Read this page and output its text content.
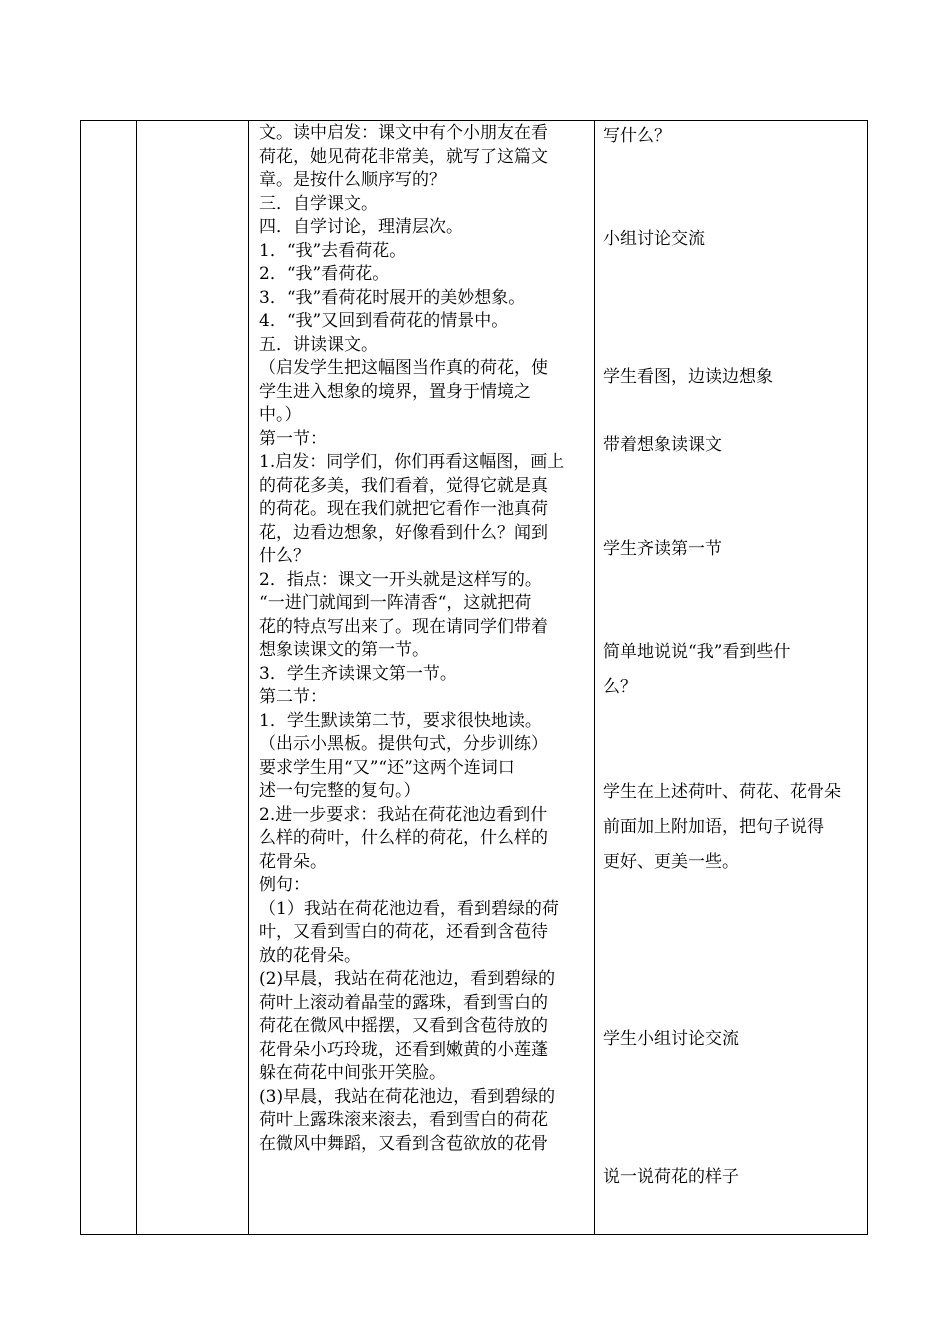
文。读中启发：课文中有个小朋友在看
荷花，她见荷花非常美，就写了这篇文
章。是按什么顺序写的？
三．自学课文。
四．自学讨论，理清层次。
1．“我”去看荷花。
2．“我”看荷花。
3．“我”看荷花时展开的美妙想象。
4．“我”又回到看荷花的情景中。
五．讲读课文。
（启发学生把这幅图当作真的荷花，使
学生进入想象的境界，置身于情境之
中。）
第一节：
1.启发：同学们，你们再看这幅图，画上
的荷花多美，我们看着，觉得它就是真
的荷花。现在我们就把它看作一池真荷
花，边看边想象，好像看到什么？闻到
什么？
2．指点：课文一开头就是这样写的。
“一进门就闻到一阵清香“，这就把荷
花的特点写出来了。现在请同学们带着
想象读课文的第一节。
3．学生齐读课文第一节。
第二节：
1．学生默读第二节，要求很快地读。
（出示小黑板。提供句式，分步训练）
要求学生用“又”“还”这两个连词口
述一句完整的复句。）
2.进一步要求：我站在荷花池边看到什
么样的荷叶，什么样的荷花，什么样的
花骨朵。
例句：
（1）我站在荷花池边看，看到碧绿的荷
叶，又看到雪白的荷花，还看到含苞待
放的花骨朵。
(2)早晨，我站在荷花池边，看到碧绿的
荷叶上滚动着晶莹的露珠，看到雪白的
荷花在微风中摇摆，又看到含苞待放的
花骨朵小巧玲珑，还看到嫩黄的小莲蓬
躲在荷花中间张开笑脸。
(3)早晨，我站在荷花池边，看到碧绿的
荷叶上露珠滚来滚去，看到雪白的荷花
在微风中舞蹈，又看到含苞欲放的花骨
写什么？
小组讨论交流
学生看图，边读边想象
带着想象读课文
学生齐读第一节
简单地说说“我”看到些什
么？
学生在上述荷叶、荷花、花骨朵
前面加上附加语，把句子说得
更好、更美一些。
学生小组讨论交流
说一说荷花的样子
